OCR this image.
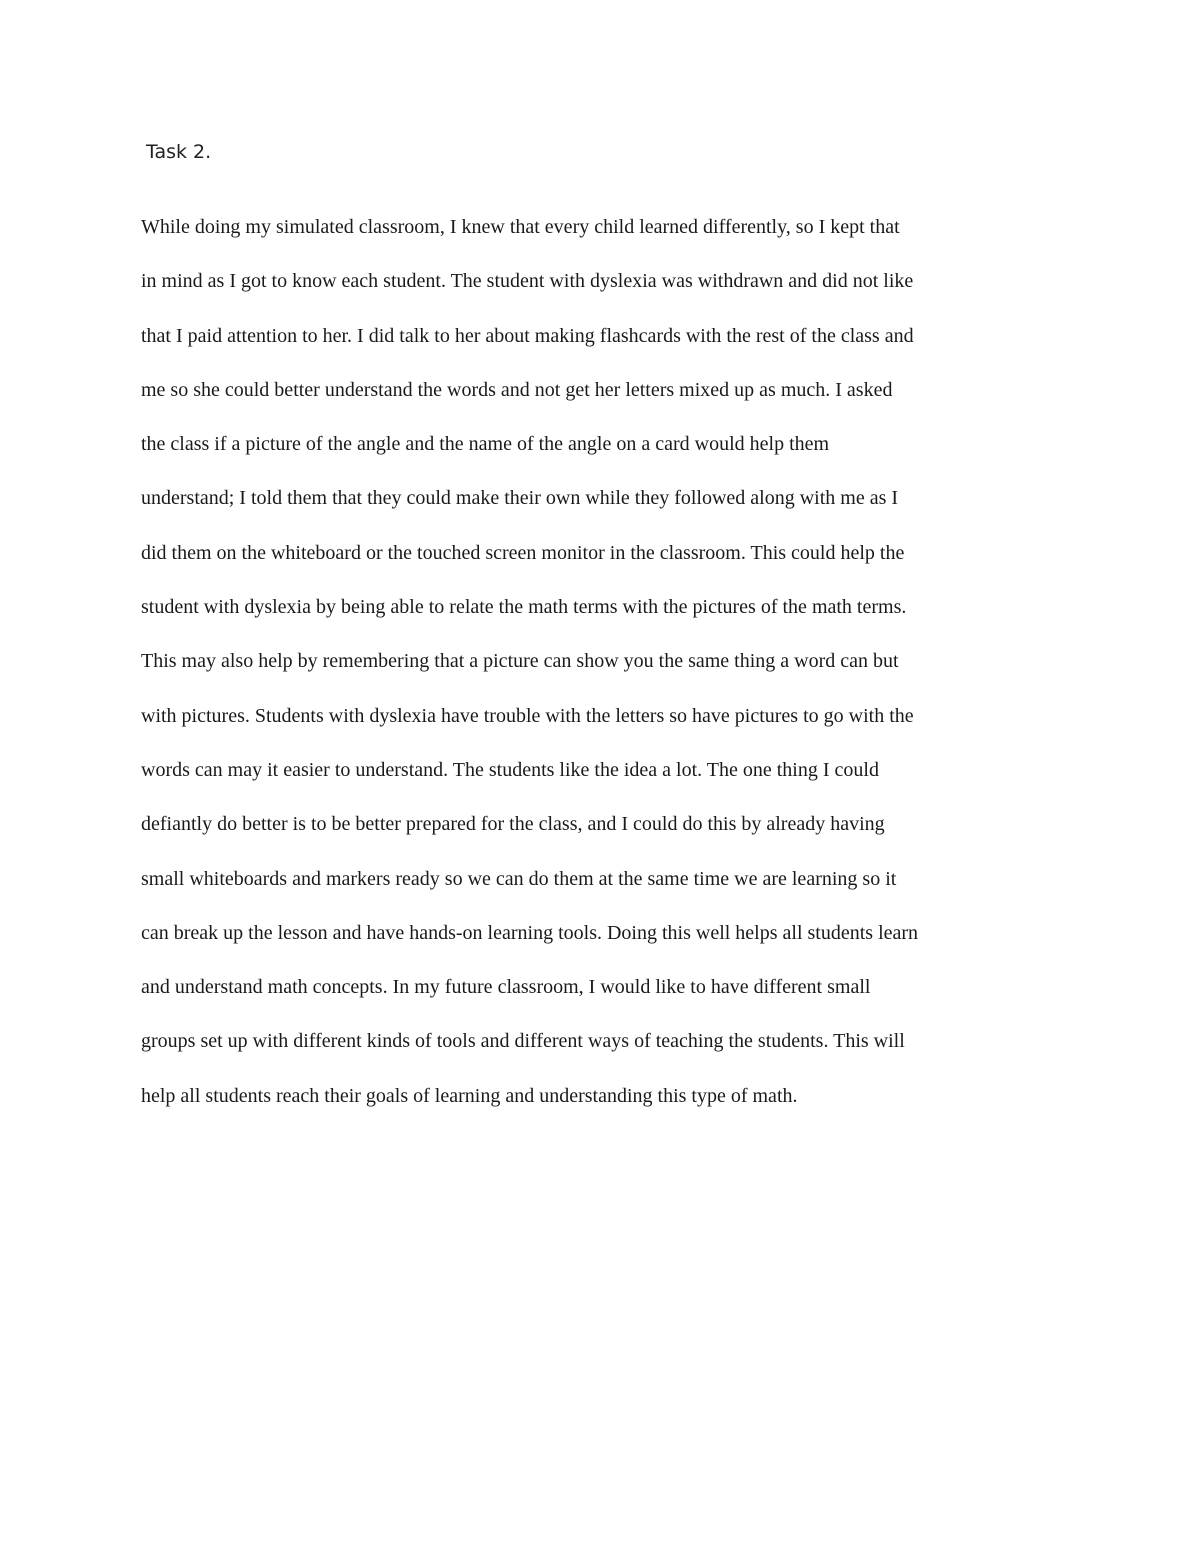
Task 2.

While doing my simulated classroom, I knew that every child learned differently, so I kept that
in mind as I got to know each student. The student with dyslexia was withdrawn and did not like
that I paid attention to her. I did talk to her about making flashcards with the rest of the class and
me so she could better understand the words and not get her letters mixed up as much. I asked
the class if a picture of the angle and the name of the angle on a card would help them
understand; I told them that they could make their own while they followed along with me as I
did them on the whiteboard or the touched screen monitor in the classroom. This could help the
student with dyslexia by being able to relate the math terms with the pictures of the math terms.
This may also help by remembering that a picture can show you the same thing a word can but
with pictures. Students with dyslexia have trouble with the letters so have pictures to go with the
words can may it easier to understand. The students like the idea a lot. The one thing I could
defiantly do better is to be better prepared for the class, and I could do this by already having
small whiteboards and markers ready so we can do them at the same time we are learning so it
can break up the lesson and have hands-on learning tools. Doing this well helps all students learn
and understand math concepts. In my future classroom, I would like to have different small
groups set up with different kinds of tools and different ways of teaching the students. This will
help all students reach their goals of learning and understanding this type of math.
